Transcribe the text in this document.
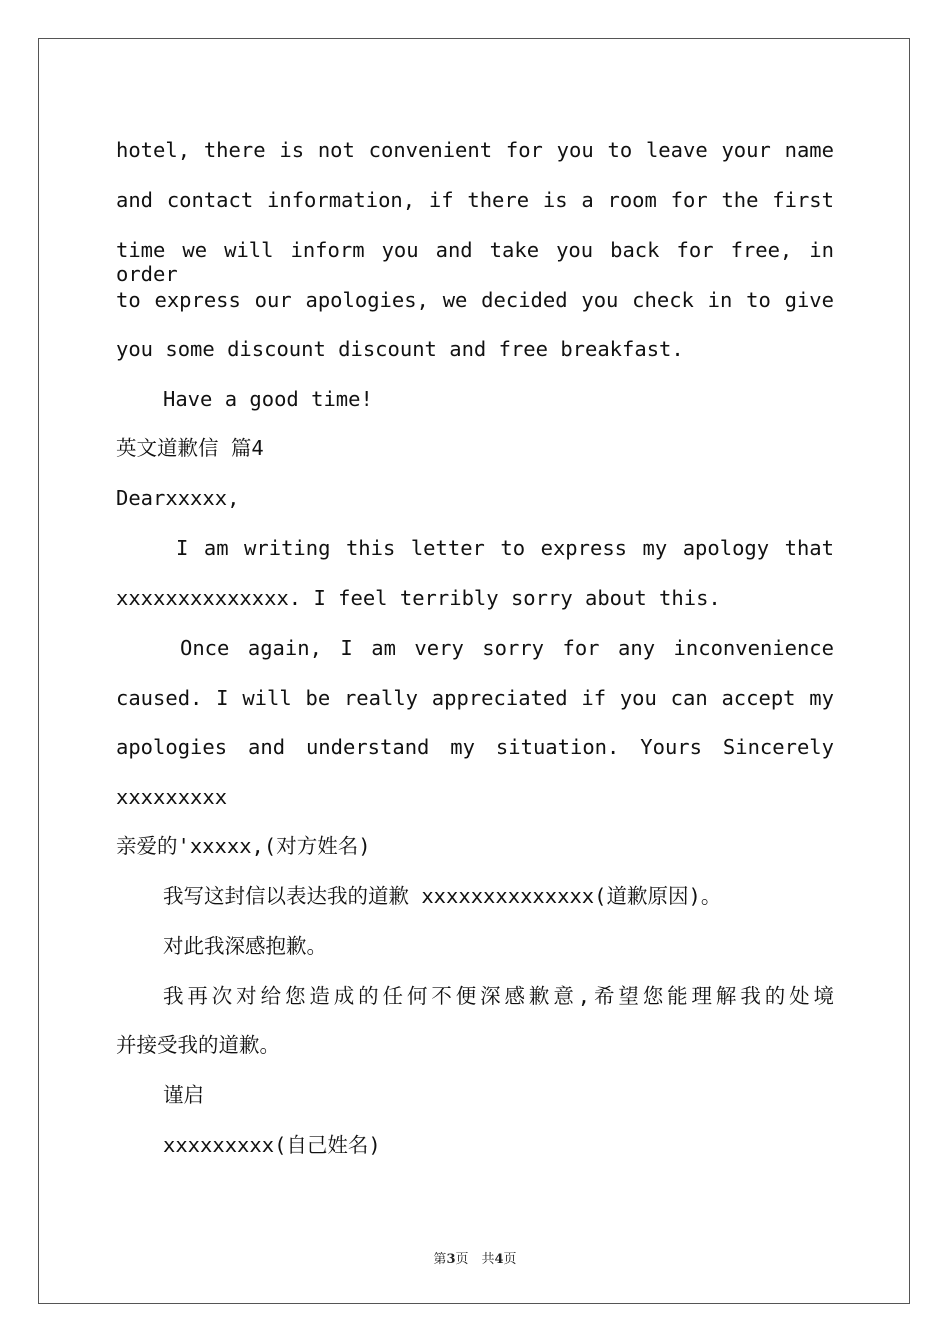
hotel, there is not convenient for you to leave your name
and contact information, if there is a room for the first
time we will inform you and take you back for free, in order
to express our apologies, we decided you check in to give
you some discount discount and free breakfast.
Have a good time!
英文道歉信 篇4
Dearxxxxx,
I am writing this letter to express my apology that
xxxxxxxxxxxxxx. I feel terribly sorry about this.
Once again, I am very sorry for any inconvenience
caused. I will be really appreciated if you can accept my
apologies and understand my situation. Yours Sincerely
xxxxxxxxx
亲爱的'xxxxx,(对方姓名)
我写这封信以表达我的道歉 xxxxxxxxxxxxxx(道歉原因)。
对此我深感抱歉。
我再次对给您造成的任何不便深感歉意,希望您能理解我的处境
并接受我的道歉。
谨启
xxxxxxxxx(自己姓名)
第3页　共4页
